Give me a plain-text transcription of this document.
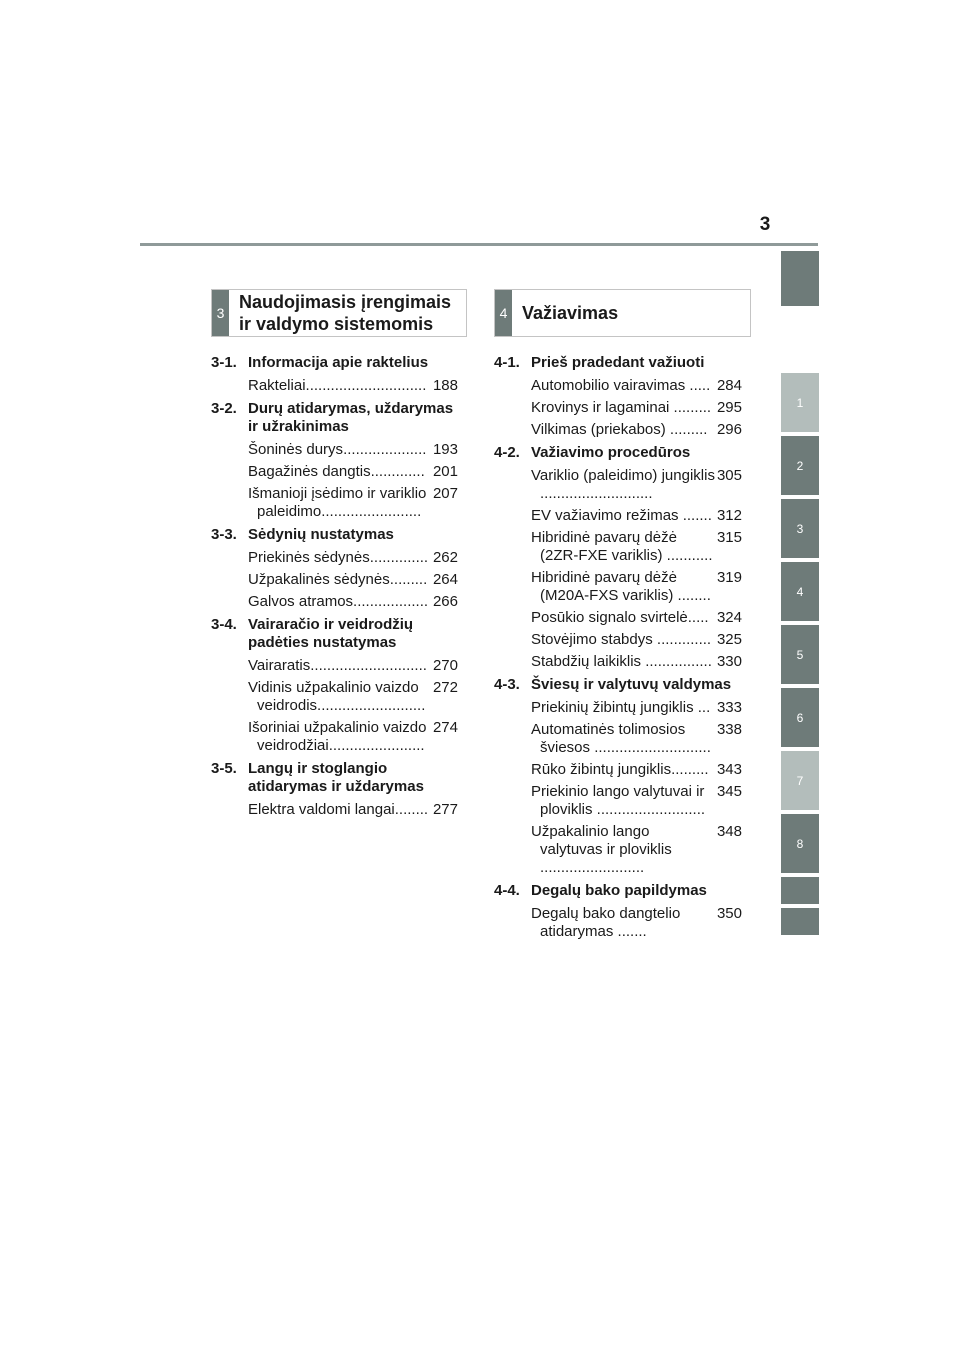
3
1
2
3
4
5
6
7
8
3
Naudojimasis įrengimais ir valdymo sistemomis
4 Važiavimas
3-1. Informacija apie raktelius
Rakteliai............................. 188
3-2. Durų atidarymas, uždarymas ir užrakinimas
Šoninės durys.................... 193
Bagažinės dangtis............. 201
Išmanioji įsėdimo ir variklio paleidimo........................
207
3-3. Sėdynių nustatymas
Priekinės sėdynės.............. 262
Užpakalinės sėdynės......... 264
Galvos atramos.................. 266
3-4. Vairaračio ir veidrodžių padėties nustatymas
Vairaratis............................ 270
Vidinis užpakalinio vaizdo veidrodis..........................
272
Išoriniai užpakalinio vaizdo veidrodžiai.......................
274
3-5. Langų ir stoglangio atidarymas ir uždarymas
Elektra valdomi langai........ 277
4-1. Prieš pradedant važiuoti
Automobilio vairavimas ..... 284
Krovinys ir lagaminai ......... 295
Vilkimas (priekabos) ......... 296
4-2. Važiavimo procedūros
Variklio (paleidimo) jungiklis ...........................
305
EV važiavimo režimas ....... 312
Hibridinė pavarų dėžė (2ZR-FXE variklis) ...........
315
Hibridinė pavarų dėžė (M20A-FXS variklis) ........
319
Posūkio signalo svirtelė..... 324
Stovėjimo stabdys ............. 325
Stabdžių laikiklis ................ 330
4-3. Šviesų ir valytuvų valdymas
Priekinių žibintų jungiklis ... 333
Automatinės tolimosios šviesos ............................
338
Rūko žibintų jungiklis......... 343
Priekinio lango valytuvai ir ploviklis ..........................
345
Užpakalinio lango valytuvas ir ploviklis .........................
348
4-4. Degalų bako papildymas
Degalų bako dangtelio atidarymas .......
350
